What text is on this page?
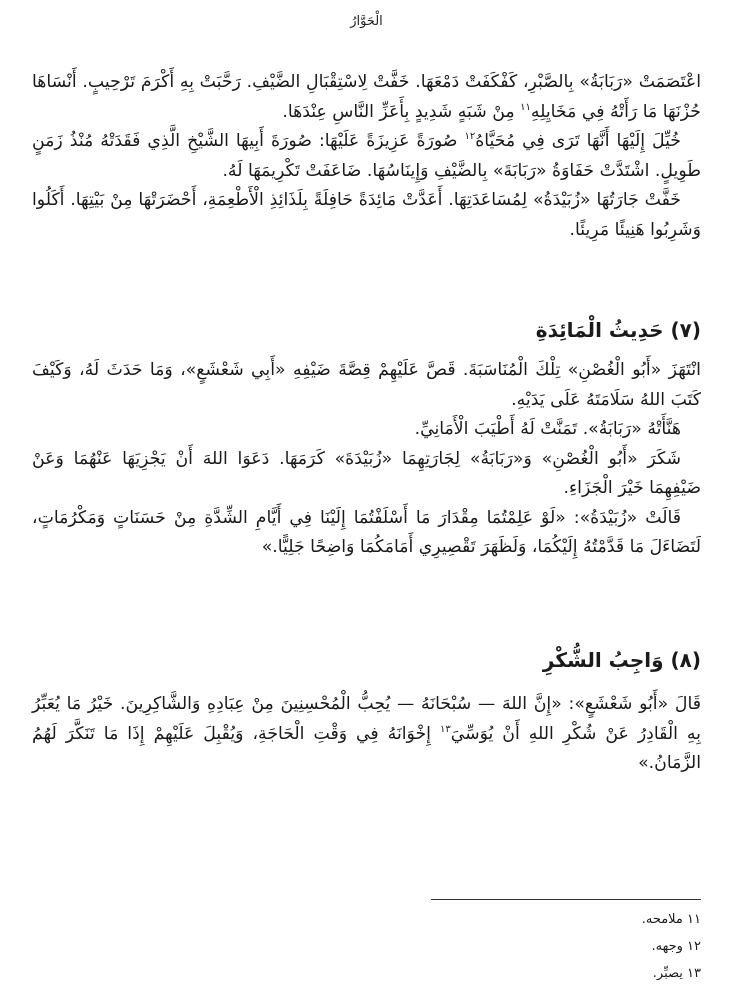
الْحَوَّارُ

اعْتَصَمَتْ «رَبَابَةُ» بِالصَّبْرِ، كَفْكَفَتْ دَمْعَهَا. خَفَّتْ لِاسْتِقْبَالِ الضَّيْفِ. رَحَّبَتْ بِهِ أَكْرَمَ تَرْحِيبٍ. أَنْسَاهَا حُزْنَهَا مَا رَأَتْهُ فِي مَخَايِلِهِ$^{١١}$ مِنْ شَبَهٍ شَدِيدٍ بِأَعَزِّ النَّاسِ عِنْدَهَا.

خُيِّلَ إِلَيْهَا أَنَّهَا تَرَى فِي مُحَيَّاهُ$^{١٢}$ صُورَةً عَزِيزَةً عَلَيْهَا: صُورَةَ أَبِيهَا الشَّيْخِ الَّذِي فَقَدَتْهُ مُنْذُ زَمَنٍ طَوِيلٍ. اشْتَدَّتْ حَفَاوَةُ «رَبَابَةَ» بِالضَّيْفِ وَإِينَاسُهَا. ضَاعَفَتْ تَكْرِيمَهَا لَهُ.

خَفَّتْ جَارَتُهَا «زُبَيْدَةُ» لِمُسَاعَدَتِهَا. أَعَدَّتْ مَائِدَةً حَافِلَةً بِلَذَائِذِ الْأَطْعِمَةِ، أَحْضَرَتْهَا مِنْ بَيْتِهَا. أَكَلُوا وَشَرِبُوا هَنِيئًا مَرِيئًا.

(٧) حَدِيثُ الْمَائِدَةِ

انْتَهَزَ «أَبُو الْغُصْنِ» تِلْكَ الْمُنَاسَبَةَ. قَصَّ عَلَيْهِمْ قِصَّةَ ضَيْفِهِ «أَبِي شَعْشَعٍ»، وَمَا حَدَثَ لَهُ، وَكَيْفَ كَتَبَ اللهُ سَلَامَتَهُ عَلَى يَدَيْهِ.

هَنَّأَتْهُ «رَبَابَةُ». تَمَنَّتْ لَهُ أَطْيَبَ الْأَمَانِيِّ.

شَكَرَ «أَبُو الْغُصْنِ» وَ«رَبَابَةُ» لِجَارَتِهِمَا «زُبَيْدَةَ» كَرَمَهَا. دَعَوَا اللهَ أَنْ يَجْزِيَهَا عَنْهُمَا وَعَنْ ضَيْفِهِمَا خَيْرَ الْجَزَاءِ.

قَالَتْ «زُبَيْدَةُ»: «لَوْ عَلِمْتُمَا مِقْدَارَ مَا أَسْلَفْتُمَا إِلَيْنَا فِي أَيَّامِ الشِّدَّةِ مِنْ حَسَنَاتٍ وَمَكْرُمَاتٍ، لَتَضَاءَلَ مَا قَدَّمْتُهُ إِلَيْكُمَا، وَلَظَهَرَ تَقْصِيرِي أَمَامَكُمَا وَاضِحًا جَلِيًّا.»

(٨) وَاجِبُ الشُّكْرِ

قَالَ «أَبُو شَعْشَعٍ»: «إِنَّ اللهَ — سُبْحَانَهُ — يُحِبُّ الْمُحْسِنِينَ مِنْ عِبَادِهِ وَالشَّاكِرِينَ. خَيْرُ مَا يُعَبِّرُ بِهِ الْقَادِرُ عَنْ شُكْرِ اللهِ أَنْ يُوَسِّيَ$^{١٣}$ إِخْوَانَهُ فِي وَقْتِ الْحَاجَةِ، وَيُقْبِلَ عَلَيْهِمْ إِذَا مَا تَنَكَّرَ لَهُمُ الزَّمَانُ.»

١١ ملامحه.

١٢ وجهه.

١٣ يصبِّر.
